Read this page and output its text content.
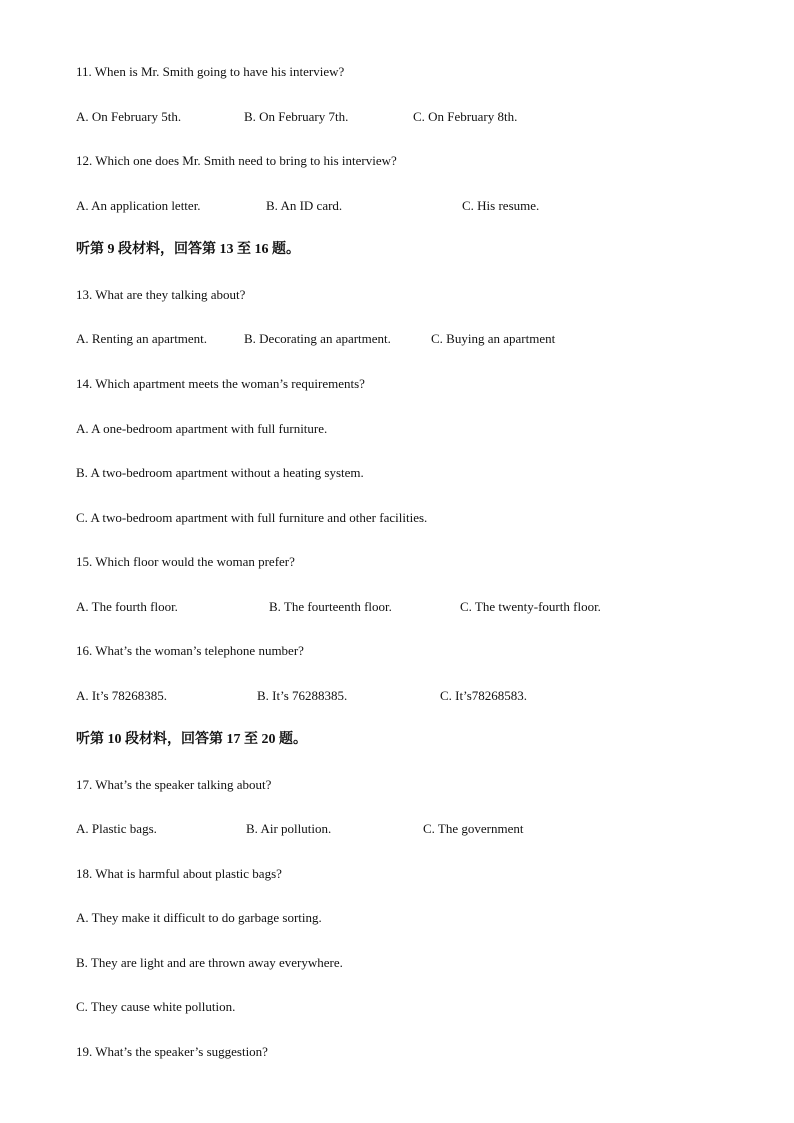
11. When is Mr. Smith going to have his interview?
A. On February 5th.	B. On February 7th.	C. On February 8th.
12. Which one does Mr. Smith need to bring to his interview?
A. An application letter.	B. An ID card.	C. His resume.
听第 9 段材料，回答第 13 至 16 题。
13. What are they talking about?
A. Renting an apartment.	B. Decorating an apartment.	C. Buying an apartment
14. Which apartment meets the woman’s requirements?
A. A one-bedroom apartment with full furniture.
B. A two-bedroom apartment without a heating system.
C. A two-bedroom apartment with full furniture and other facilities.
15. Which floor would the woman prefer?
A. The fourth floor.	B. The fourteenth floor.	C. The twenty-fourth floor.
16. What’s the woman’s telephone number?
A. It’s 78268385.	B. It’s 76288385.	C. It’s78268583.
听第 10 段材料，回答第 17 至 20 题。
17. What’s the speaker talking about?
A. Plastic bags.	B. Air pollution.	C. The government
18. What is harmful about plastic bags?
A. They make it difficult to do garbage sorting.
B. They are light and are thrown away everywhere.
C. They cause white pollution.
19. What’s the speaker’s suggestion?
